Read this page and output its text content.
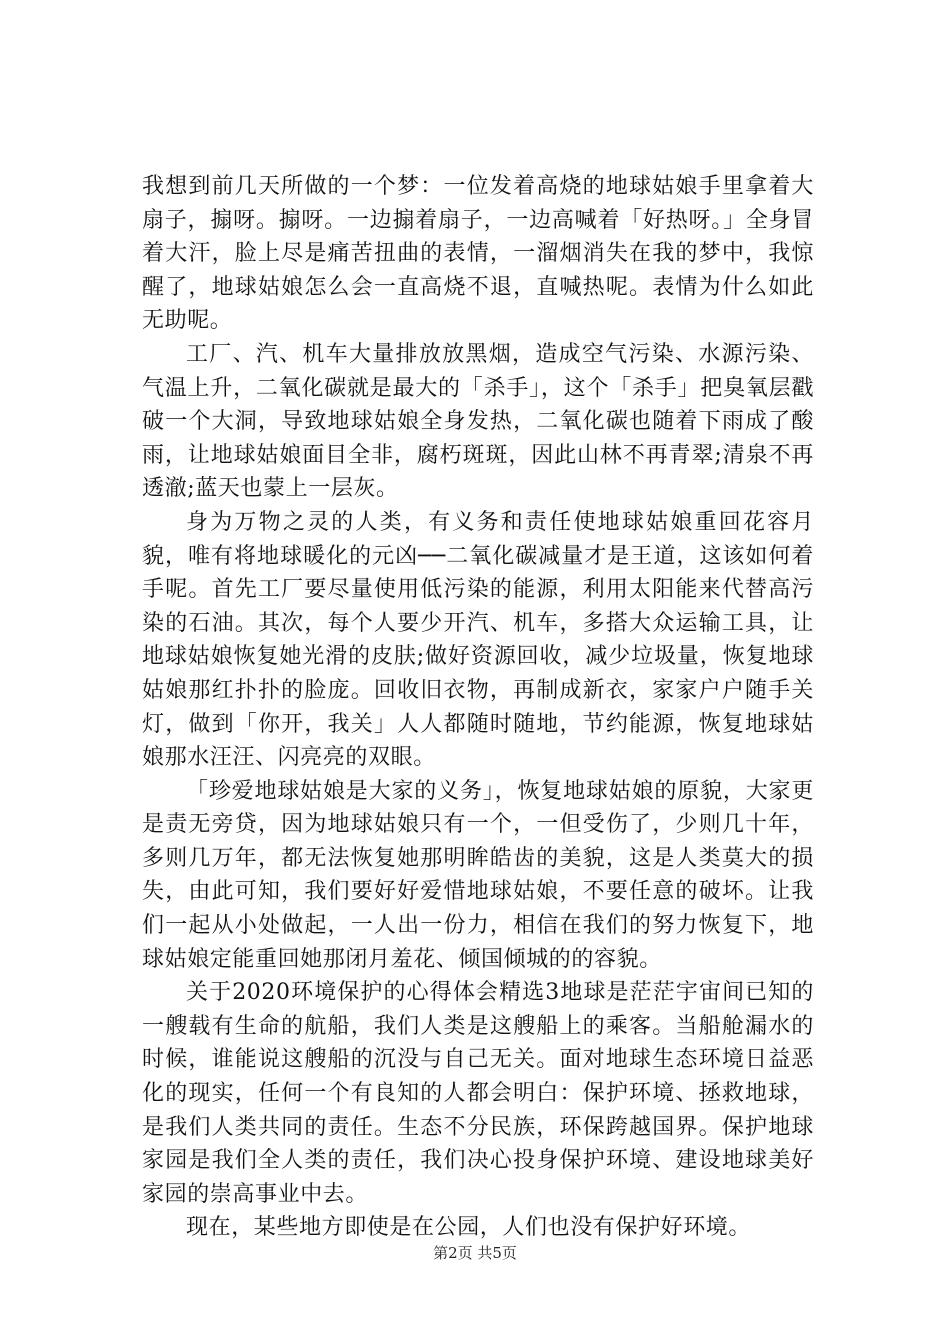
我想到前几天所做的一个梦：一位发着高烧的地球姑娘手里拿着大扇子，搧呀。搧呀。一边搧着扇子，一边高喊着「好热呀。」全身冒着大汗，脸上尽是痛苦扭曲的表情，一溜烟消失在我的梦中，我惊醒了，地球姑娘怎么会一直高烧不退，直喊热呢。表情为什么如此无助呢。

工厂、汽、机车大量排放放黑烟，造成空气污染、水源污染、气温上升，二氧化碳就是最大的「杀手」，这个「杀手」把臭氧层戳破一个大洞，导致地球姑娘全身发热，二氧化碳也随着下雨成了酸雨，让地球姑娘面目全非，腐朽斑斑，因此山林不再青翠;清泉不再透澈;蓝天也蒙上一层灰。

身为万物之灵的人类，有义务和责任使地球姑娘重回花容月貌，唯有将地球暖化的元凶──二氧化碳减量才是王道，这该如何着手呢。首先工厂要尽量使用低污染的能源，利用太阳能来代替高污染的石油。其次，每个人要少开汽、机车，多搭大众运输工具，让地球姑娘恢复她光滑的皮肤;做好资源回收，减少垃圾量，恢复地球姑娘那红扑扑的脸庞。回收旧衣物，再制成新衣，家家户户随手关灯，做到「你开，我关」人人都随时随地，节约能源，恢复地球姑娘那水汪汪、闪亮亮的双眼。

「珍爱地球姑娘是大家的义务」，恢复地球姑娘的原貌，大家更是责无旁贷，因为地球姑娘只有一个，一但受伤了，少则几十年，多则几万年，都无法恢复她那明眸皓齿的美貌，这是人类莫大的损失，由此可知，我们要好好爱惜地球姑娘，不要任意的破坏。让我们一起从小处做起，一人出一份力，相信在我们的努力恢复下，地球姑娘定能重回她那闭月羞花、倾国倾城的的容貌。

关于2020环境保护的心得体会精选3地球是茫茫宇宙间已知的一艘载有生命的航船，我们人类是这艘船上的乘客。当船舱漏水的时候，谁能说这艘船的沉没与自己无关。面对地球生态环境日益恶化的现实，任何一个有良知的人都会明白：保护环境、拯救地球，是我们人类共同的责任。生态不分民族，环保跨越国界。保护地球家园是我们全人类的责任，我们决心投身保护环境、建设地球美好家园的崇高事业中去。

现在，某些地方即使是在公园，人们也没有保护好环境。

第2页 共5页
